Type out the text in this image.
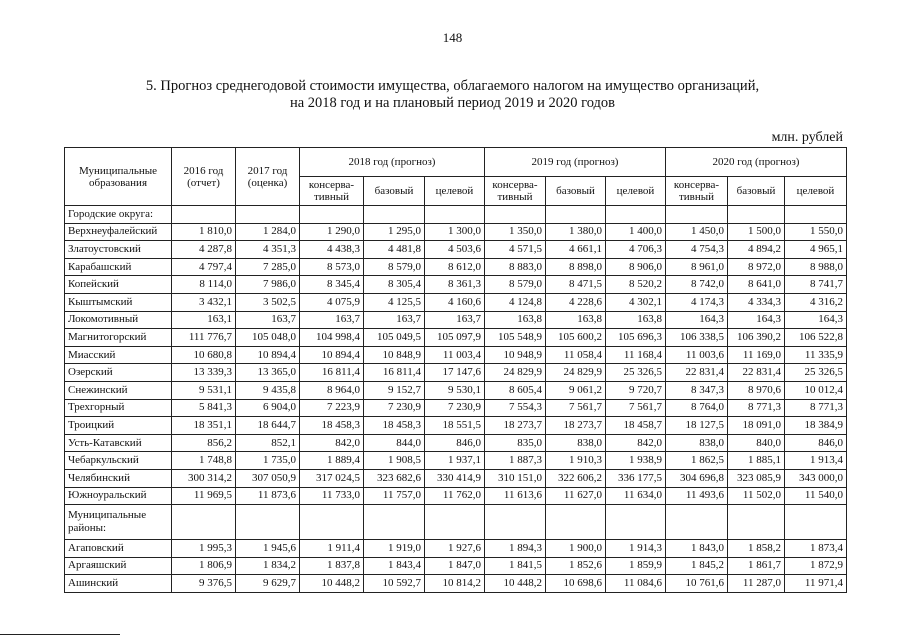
148
5. Прогноз среднегодовой стоимости имущества, облагаемого налогом на имущество организаций,
на 2018 год и на плановый период 2019 и 2020 годов
млн. рублей
Муниципальные образования	2016 год (отчет)	2017 год (оценка)	2018 год (прогноз)			2019 год (прогноз)			2020 год (прогноз)		
			консерва-тивный	базовый	целевой	консерва-тивный	базовый	целевой	консерва-тивный	базовый	целевой
Городские округа:											
Верхнеуфалейский	1 810,0	1 284,0	1 290,0	1 295,0	1 300,0	1 350,0	1 380,0	1 400,0	1 450,0	1 500,0	1 550,0
Златоустовский	4 287,8	4 351,3	4 438,3	4 481,8	4 503,6	4 571,5	4 661,1	4 706,3	4 754,3	4 894,2	4 965,1
Карабашский	4 797,4	7 285,0	8 573,0	8 579,0	8 612,0	8 883,0	8 898,0	8 906,0	8 961,0	8 972,0	8 988,0
Копейский	8 114,0	7 986,0	8 345,4	8 305,4	8 361,3	8 579,0	8 471,5	8 520,2	8 742,0	8 641,0	8 741,7
Кыштымский	3 432,1	3 502,5	4 075,9	4 125,5	4 160,6	4 124,8	4 228,6	4 302,1	4 174,3	4 334,3	4 316,2
Локомотивный	163,1	163,7	163,7	163,7	163,7	163,8	163,8	163,8	164,3	164,3	164,3
Магнитогорский	111 776,7	105 048,0	104 998,4	105 049,5	105 097,9	105 548,9	105 600,2	105 696,3	106 338,5	106 390,2	106 522,8
Миасский	10 680,8	10 894,4	10 894,4	10 848,9	11 003,4	10 948,9	11 058,4	11 168,4	11 003,6	11 169,0	11 335,9
Озерский	13 339,3	13 365,0	16 811,4	16 811,4	17 147,6	24 829,9	24 829,9	25 326,5	22 831,4	22 831,4	25 326,5
Снежинский	9 531,1	9 435,8	8 964,0	9 152,7	9 530,1	8 605,4	9 061,2	9 720,7	8 347,3	8 970,6	10 012,4
Трехгорный	5 841,3	6 904,0	7 223,9	7 230,9	7 230,9	7 554,3	7 561,7	7 561,7	8 764,0	8 771,3	8 771,3
Троицкий	18 351,1	18 644,7	18 458,3	18 458,3	18 551,5	18 273,7	18 273,7	18 458,7	18 127,5	18 091,0	18 384,9
Усть-Катавский	856,2	852,1	842,0	844,0	846,0	835,0	838,0	842,0	838,0	840,0	846,0
Чебаркульский	1 748,8	1 735,0	1 889,4	1 908,5	1 937,1	1 887,3	1 910,3	1 938,9	1 862,5	1 885,1	1 913,4
Челябинский	300 314,2	307 050,9	317 024,5	323 682,6	330 414,9	310 151,0	322 606,2	336 177,5	304 696,8	323 085,9	343 000,0
Южноуральский	11 969,5	11 873,6	11 733,0	11 757,0	11 762,0	11 613,6	11 627,0	11 634,0	11 493,6	11 502,0	11 540,0
Муниципальные районы:											
Агаповский	1 995,3	1 945,6	1 911,4	1 919,0	1 927,6	1 894,3	1 900,0	1 914,3	1 843,0	1 858,2	1 873,4
Аргаяшский	1 806,9	1 834,2	1 837,8	1 843,4	1 847,0	1 841,5	1 852,6	1 859,9	1 845,2	1 861,7	1 872,9
Ашинский	9 376,5	9 629,7	10 448,2	10 592,7	10 814,2	10 448,2	10 698,6	11 084,6	10 761,6	11 287,0	11 971,4
